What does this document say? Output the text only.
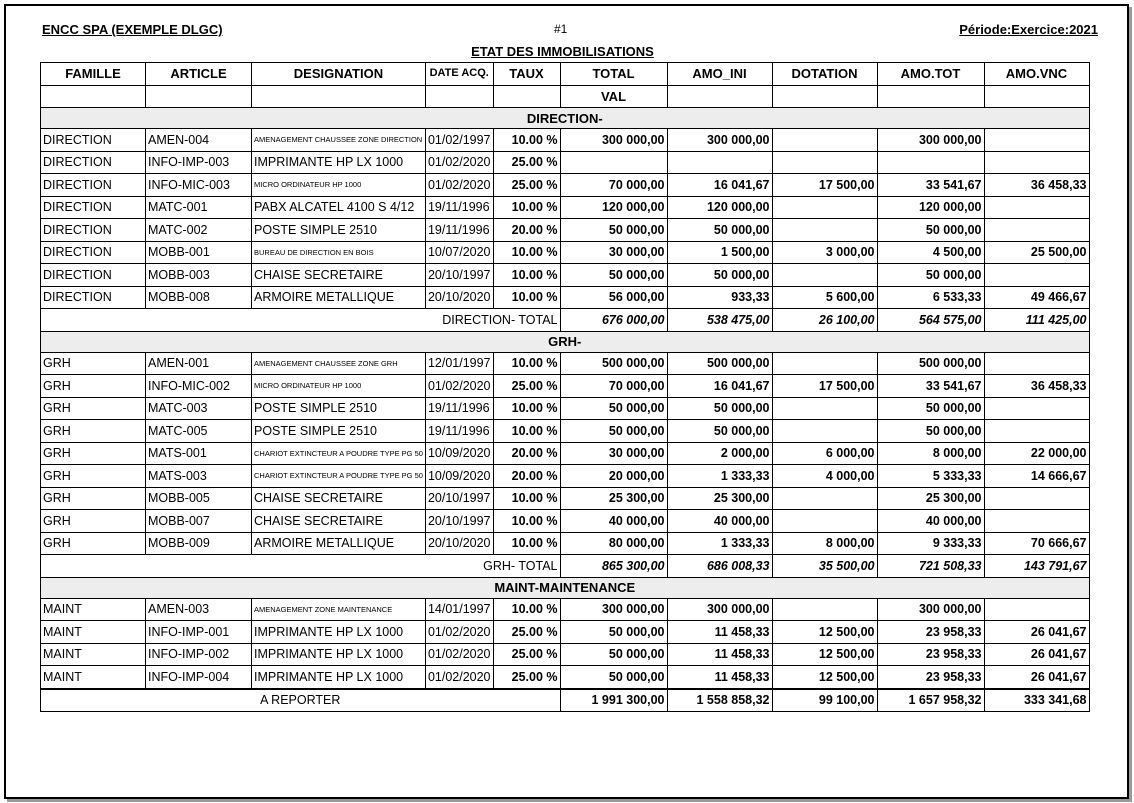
ENCC SPA (EXEMPLE DLGC)	#1	Période:Exercice:2021
ETAT DES IMMOBILISATIONS
FAMILLE	ARTICLE	DESIGNATION	DATE ACQ.	TAUX	TOTAL	AMO_INI	DOTATION	AMO.TOT	AMO.VNC
					VAL				
DIRECTION-									
DIRECTION	AMEN-004	AMENAGEMENT CHAUSSEE ZONE DIRECTION	01/02/1997	10.00 %	300 000,00	300 000,00		300 000,00	
DIRECTION	INFO-IMP-003	IMPRIMANTE HP LX 1000	01/02/2020	25.00 %					
DIRECTION	INFO-MIC-003	MICRO ORDINATEUR HP 1000	01/02/2020	25.00 %	70 000,00	16 041,67	17 500,00	33 541,67	36 458,33
DIRECTION	MATC-001	PABX ALCATEL 4100 S 4/12	19/11/1996	10.00 %	120 000,00	120 000,00		120 000,00	
DIRECTION	MATC-002	POSTE SIMPLE 2510	19/11/1996	20.00 %	50 000,00	50 000,00		50 000,00	
DIRECTION	MOBB-001	BUREAU DE DIRECTION EN BOIS	10/07/2020	10.00 %	30 000,00	1 500,00	3 000,00	4 500,00	25 500,00
DIRECTION	MOBB-003	CHAISE SECRETAIRE	20/10/1997	10.00 %	50 000,00	50 000,00		50 000,00	
DIRECTION	MOBB-008	ARMOIRE METALLIQUE	20/10/2020	10.00 %	56 000,00	933,33	5 600,00	6 533,33	49 466,67
DIRECTION- TOTAL					676 000,00	538 475,00	26 100,00	564 575,00	111 425,00
GRH-									
GRH	AMEN-001	AMENAGEMENT CHAUSSEE ZONE GRH	12/01/1997	10.00 %	500 000,00	500 000,00		500 000,00	
GRH	INFO-MIC-002	MICRO ORDINATEUR HP 1000	01/02/2020	25.00 %	70 000,00	16 041,67	17 500,00	33 541,67	36 458,33
GRH	MATC-003	POSTE SIMPLE 2510	19/11/1996	10.00 %	50 000,00	50 000,00		50 000,00	
GRH	MATC-005	POSTE SIMPLE 2510	19/11/1996	10.00 %	50 000,00	50 000,00		50 000,00	
GRH	MATS-001	CHARIOT EXTINCTEUR A POUDRE TYPE PG 50	10/09/2020	20.00 %	30 000,00	2 000,00	6 000,00	8 000,00	22 000,00
GRH	MATS-003	CHARIOT EXTINCTEUR A POUDRE TYPE PG 50	10/09/2020	20.00 %	20 000,00	1 333,33	4 000,00	5 333,33	14 666,67
GRH	MOBB-005	CHAISE SECRETAIRE	20/10/1997	10.00 %	25 300,00	25 300,00		25 300,00	
GRH	MOBB-007	CHAISE SECRETAIRE	20/10/1997	10.00 %	40 000,00	40 000,00		40 000,00	
GRH	MOBB-009	ARMOIRE METALLIQUE	20/10/2020	10.00 %	80 000,00	1 333,33	8 000,00	9 333,33	70 666,67
GRH- TOTAL					865 300,00	686 008,33	35 500,00	721 508,33	143 791,67
MAINT-MAINTENANCE									
MAINT	AMEN-003	AMENAGEMENT ZONE MAINTENANCE	14/01/1997	10.00 %	300 000,00	300 000,00		300 000,00	
MAINT	INFO-IMP-001	IMPRIMANTE HP LX 1000	01/02/2020	25.00 %	50 000,00	11 458,33	12 500,00	23 958,33	26 041,67
MAINT	INFO-IMP-002	IMPRIMANTE HP LX 1000	01/02/2020	25.00 %	50 000,00	11 458,33	12 500,00	23 958,33	26 041,67
MAINT	INFO-IMP-004	IMPRIMANTE HP LX 1000	01/02/2020	25.00 %	50 000,00	11 458,33	12 500,00	23 958,33	26 041,67
A REPORTER					1 991 300,00	1 558 858,32	99 100,00	1 657 958,32	333 341,68
